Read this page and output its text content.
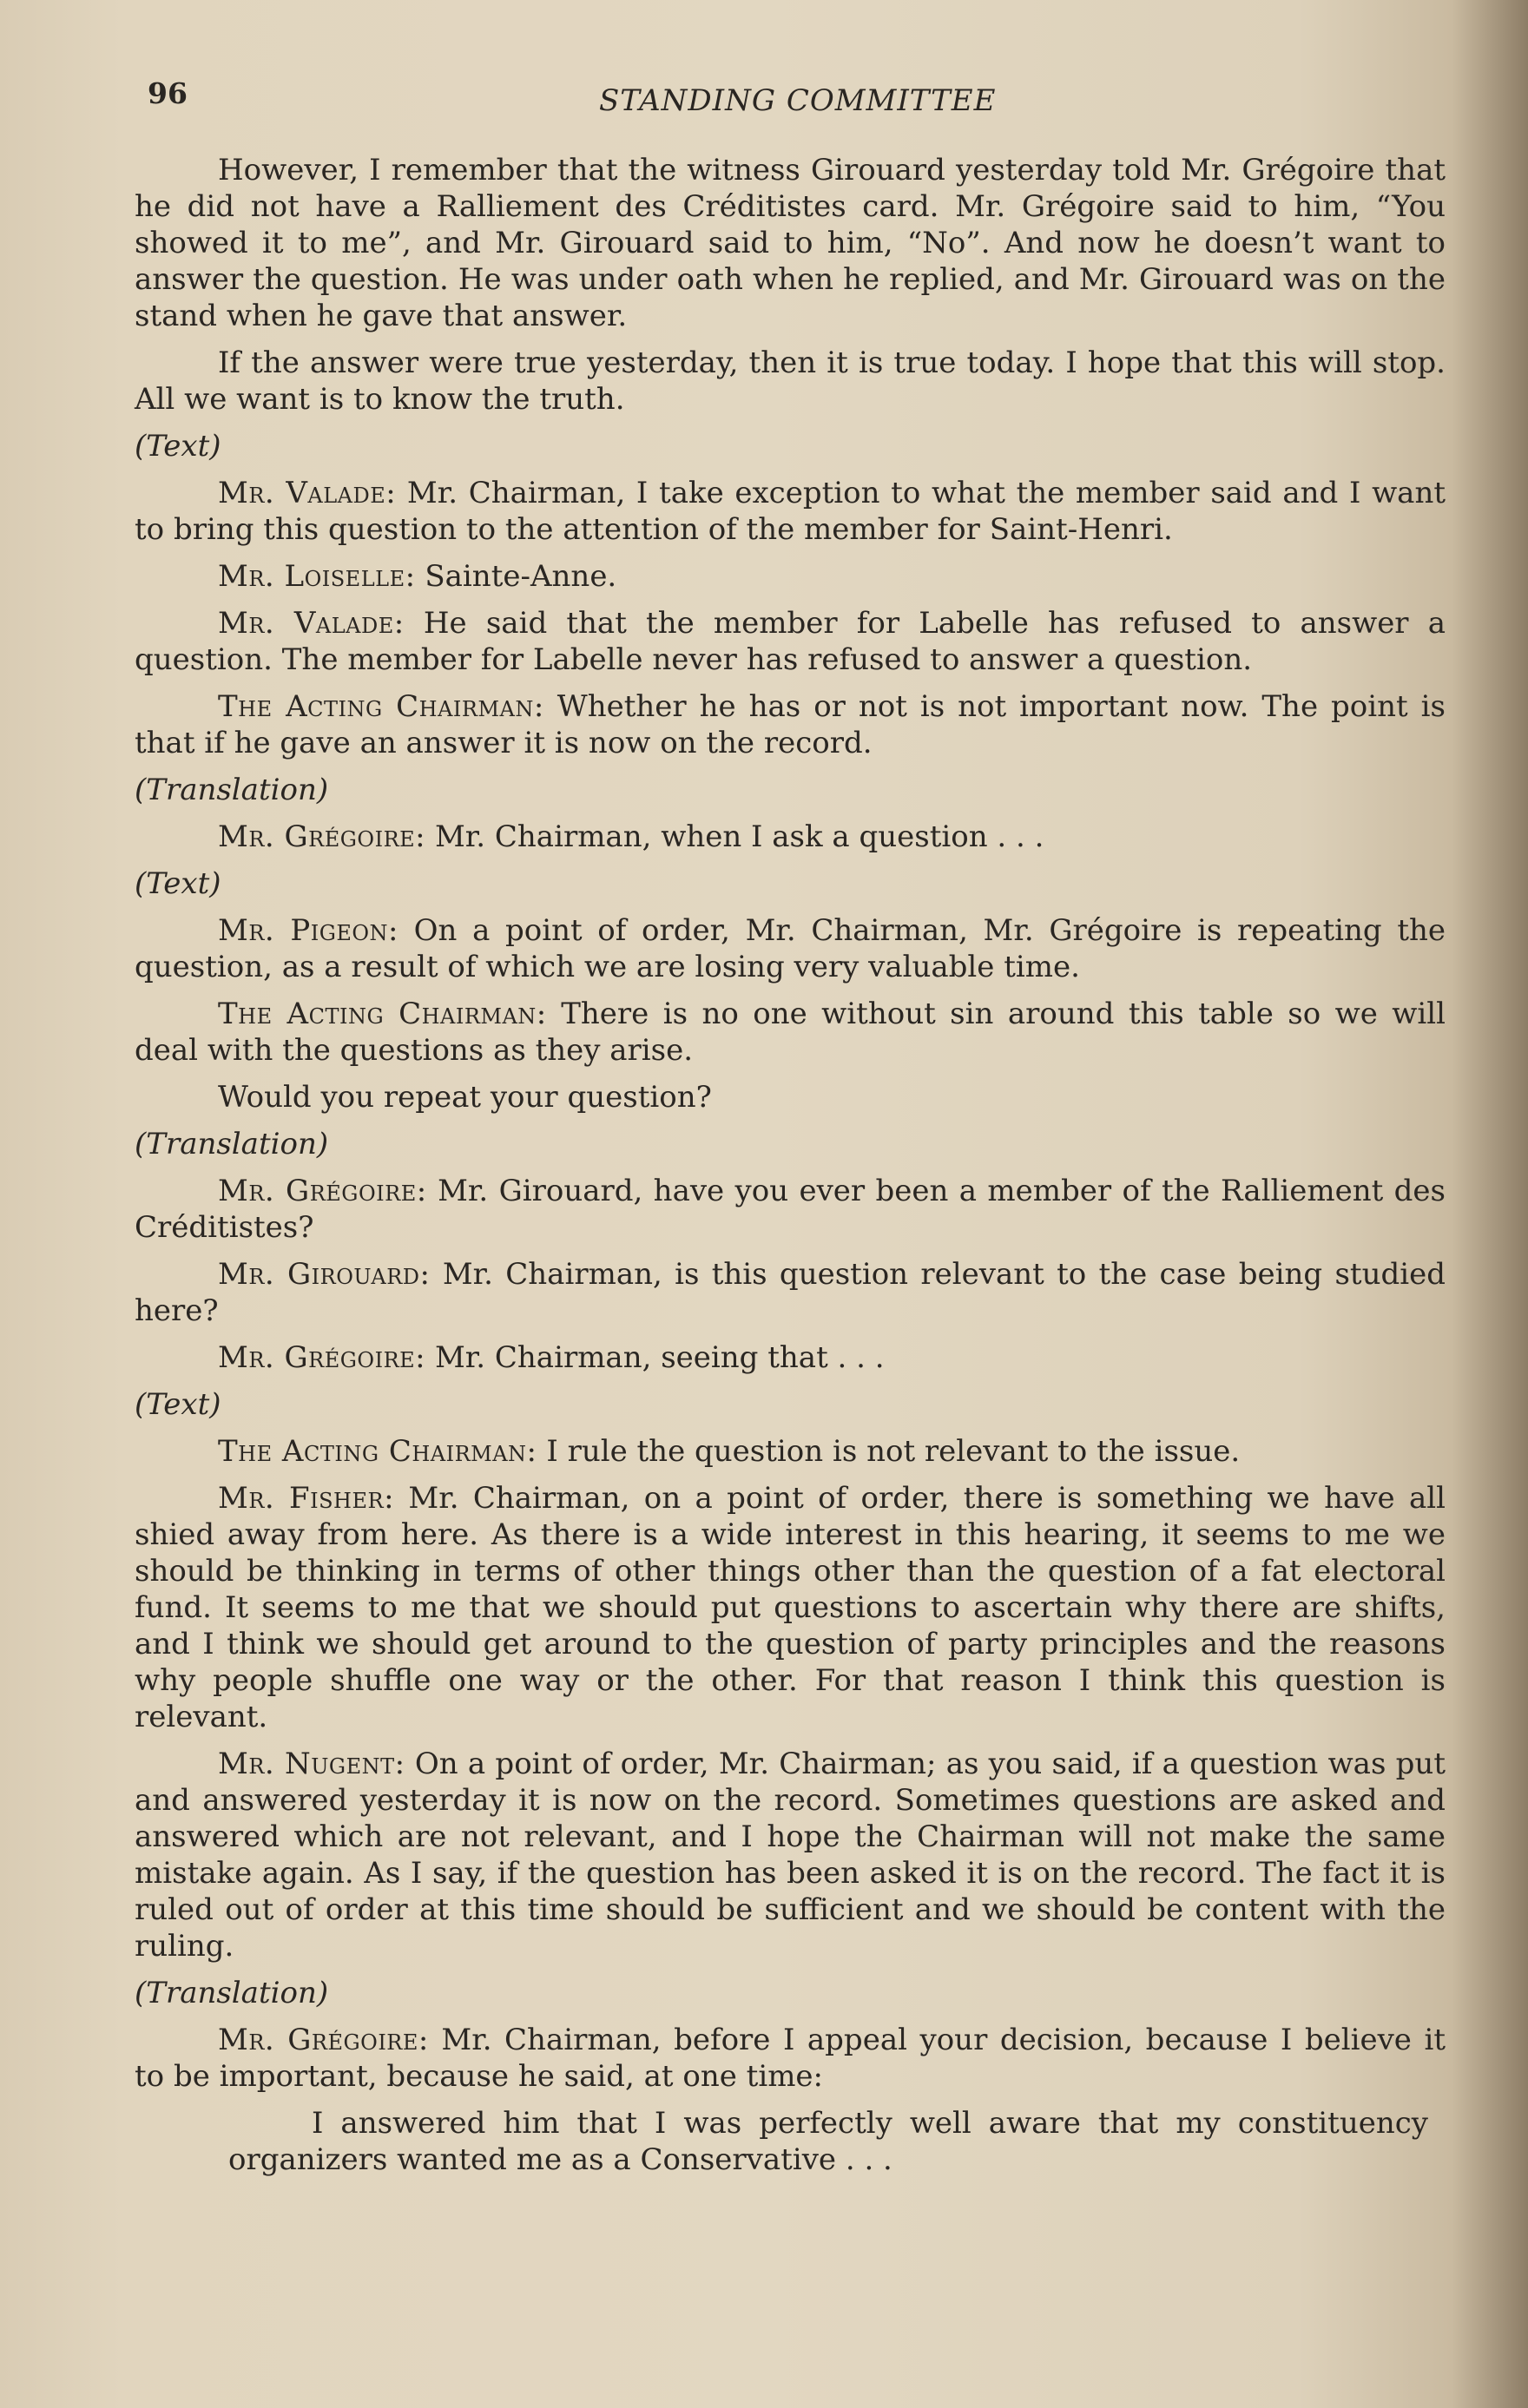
96	STANDING COMMITTEE

However, I remember that the witness Girouard yesterday told Mr. Grégoire that he did not have a Ralliement des Créditistes card. Mr. Grégoire said to him, “You showed it to me”, and Mr. Girouard said to him, “No”. And now he doesn’t want to answer the question. He was under oath when he replied, and Mr. Girouard was on the stand when he gave that answer.

If the answer were true yesterday, then it is true today. I hope that this will stop. All we want is to know the truth.

(Text)

Mr. Valade: Mr. Chairman, I take exception to what the member said and I want to bring this question to the attention of the member for Saint-Henri.

Mr. Loiselle: Sainte-Anne.

Mr. Valade: He said that the member for Labelle has refused to answer a question. The member for Labelle never has refused to answer a question.

The Acting Chairman: Whether he has or not is not important now. The point is that if he gave an answer it is now on the record.

(Translation)

Mr. Grégoire: Mr. Chairman, when I ask a question . . .

(Text)

Mr. Pigeon: On a point of order, Mr. Chairman, Mr. Grégoire is repeating the question, as a result of which we are losing very valuable time.

The Acting Chairman: There is no one without sin around this table so we will deal with the questions as they arise.

Would you repeat your question?

(Translation)

Mr. Grégoire: Mr. Girouard, have you ever been a member of the Ralliement des Créditistes?

Mr. Girouard: Mr. Chairman, is this question relevant to the case being studied here?

Mr. Grégoire: Mr. Chairman, seeing that . . .

(Text)

The Acting Chairman: I rule the question is not relevant to the issue.

Mr. Fisher: Mr. Chairman, on a point of order, there is something we have all shied away from here. As there is a wide interest in this hearing, it seems to me we should be thinking in terms of other things other than the question of a fat electoral fund. It seems to me that we should put questions to ascertain why there are shifts, and I think we should get around to the question of party principles and the reasons why people shuffle one way or the other. For that reason I think this question is relevant.

Mr. Nugent: On a point of order, Mr. Chairman; as you said, if a question was put and answered yesterday it is now on the record. Sometimes questions are asked and answered which are not relevant, and I hope the Chairman will not make the same mistake again. As I say, if the question has been asked it is on the record. The fact it is ruled out of order at this time should be sufficient and we should be content with the ruling.

(Translation)

Mr. Grégoire: Mr. Chairman, before I appeal your decision, because I believe it to be important, because he said, at one time:

I answered him that I was perfectly well aware that my constituency organizers wanted me as a Conservative . . .
